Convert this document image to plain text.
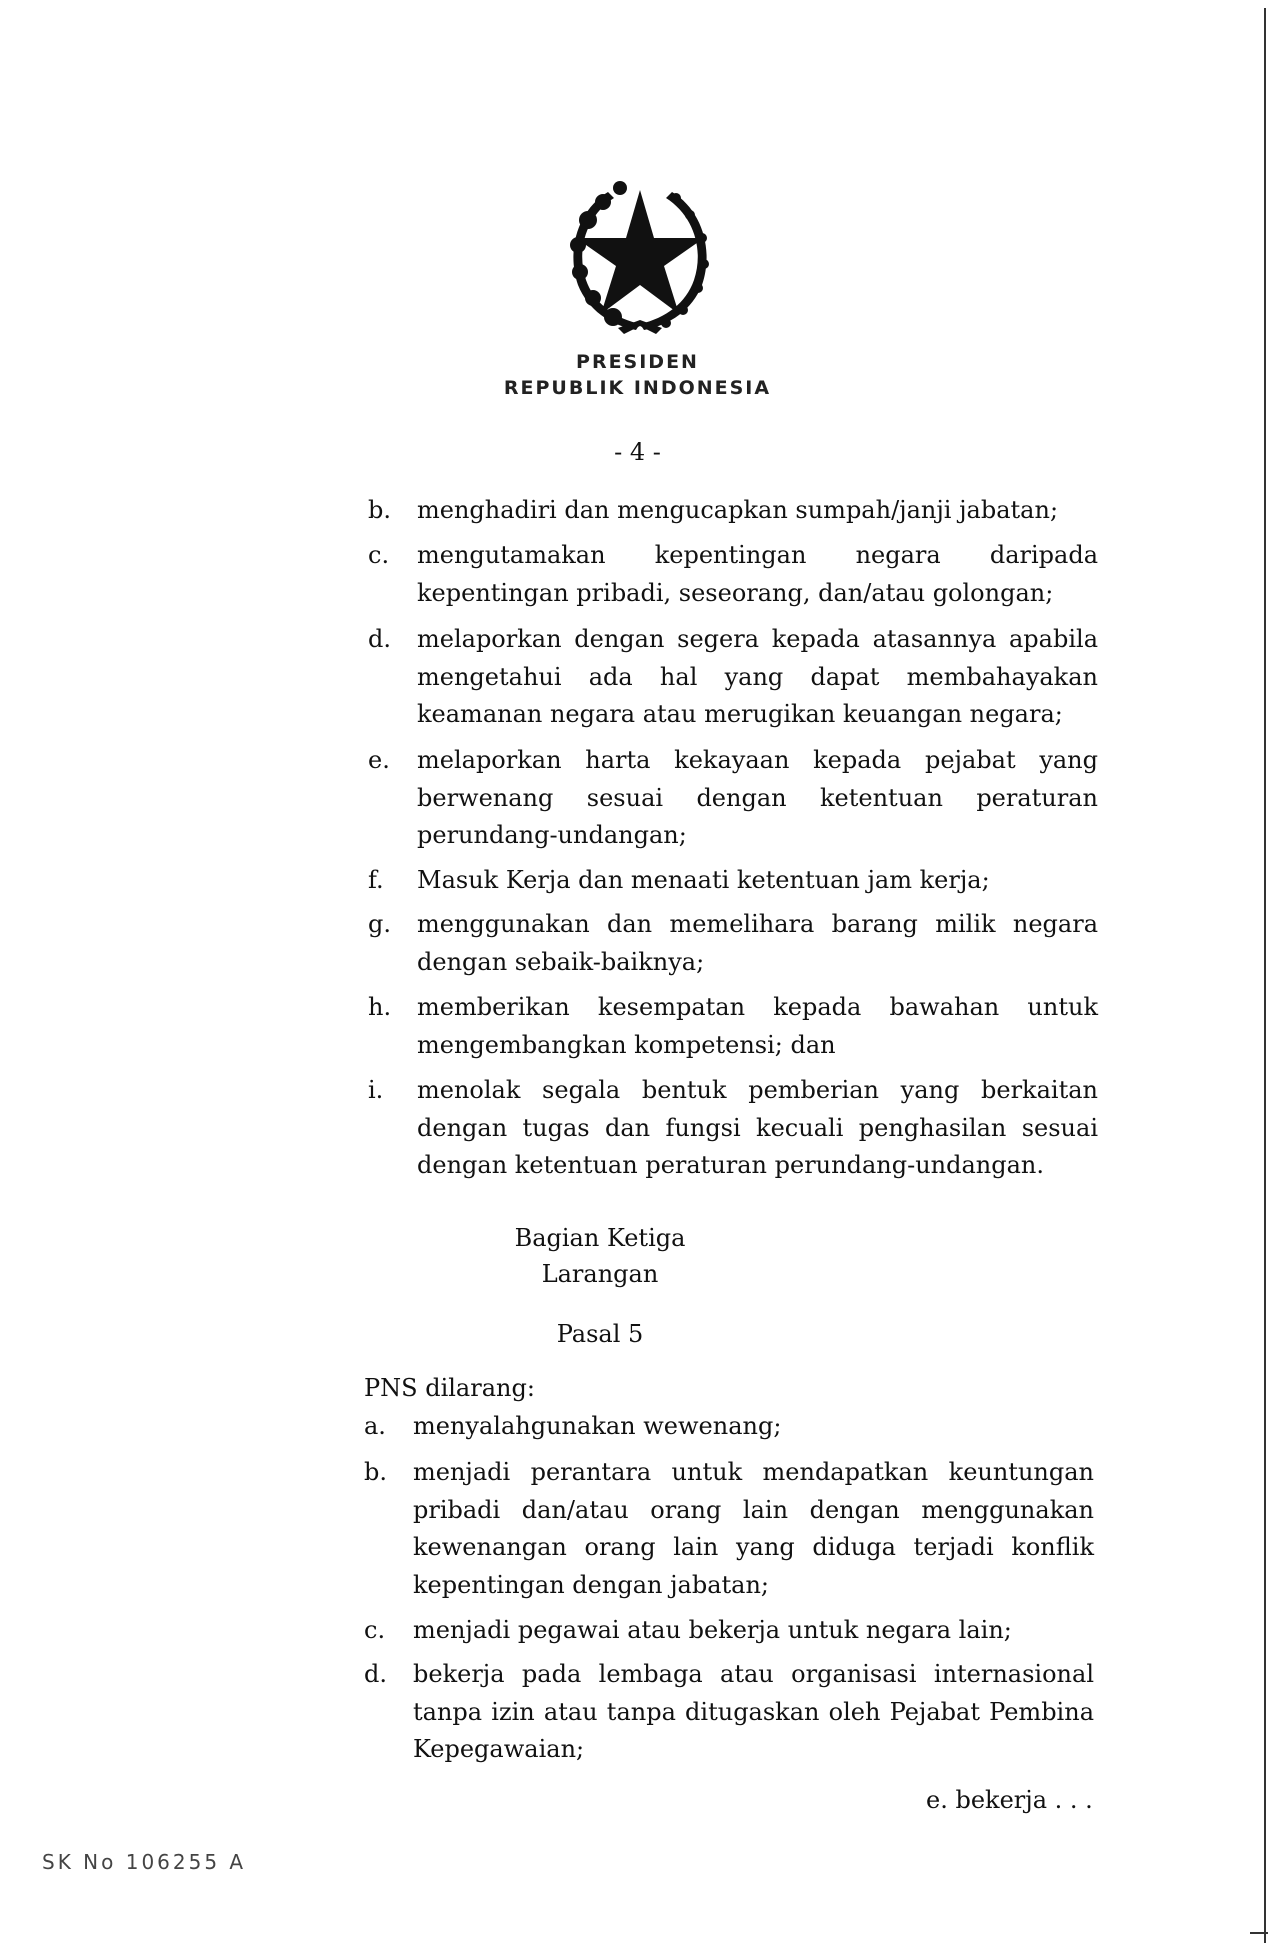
PRESIDEN
REPUBLIK INDONESIA
- 4 -
b.	menghadiri dan mengucapkan sumpah/janji jabatan;
c.	mengutamakan kepentingan negara daripada kepentingan pribadi, seseorang, dan/atau golongan;
d.	melaporkan dengan segera kepada atasannya apabila mengetahui ada hal yang dapat membahayakan keamanan negara atau merugikan keuangan negara;
e.	melaporkan harta kekayaan kepada pejabat yang berwenang sesuai dengan ketentuan peraturan perundang-undangan;
f.	Masuk Kerja dan menaati ketentuan jam kerja;
g.	menggunakan dan memelihara barang milik negara dengan sebaik-baiknya;
h.	memberikan kesempatan kepada bawahan untuk mengembangkan kompetensi; dan
i.	menolak segala bentuk pemberian yang berkaitan dengan tugas dan fungsi kecuali penghasilan sesuai dengan ketentuan peraturan perundang-undangan.
Bagian Ketiga
Larangan
Pasal 5
PNS dilarang:
a.	menyalahgunakan wewenang;
b.	menjadi perantara untuk mendapatkan keuntungan pribadi dan/atau orang lain dengan menggunakan kewenangan orang lain yang diduga terjadi konflik kepentingan dengan jabatan;
c.	menjadi pegawai atau bekerja untuk negara lain;
d.	bekerja pada lembaga atau organisasi internasional tanpa izin atau tanpa ditugaskan oleh Pejabat Pembina Kepegawaian;
e. bekerja . . .
SK No 106255 A
